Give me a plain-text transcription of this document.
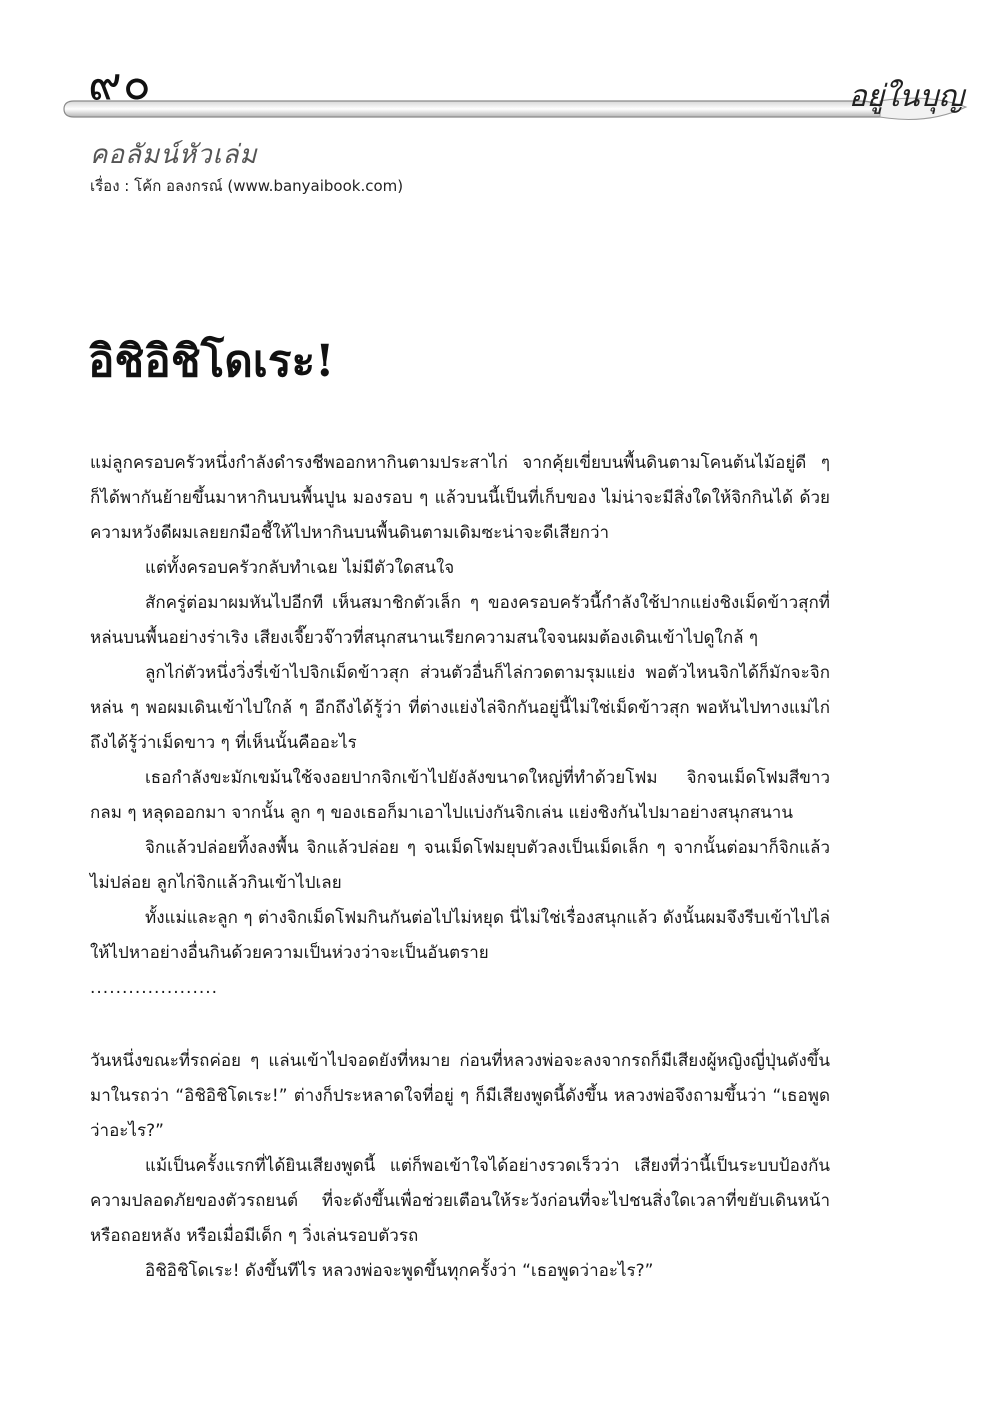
๙๐	อยู่ในบุญ
คอลัมน์หัวเล่ม
เรื่อง : โค้ก อลงกรณ์ (www.banyaibook.com)
อิชิอิชิโดเระ!

แม่ลูกครอบครัวหนึ่งกำลังดำรงชีพออกหากินตามประสาไก่ จากคุ้ยเขี่ยบนพื้นดินตามโคนต้นไม้อยู่ดี ๆ ก็ได้พากันย้ายขึ้นมาหากินบนพื้นปูน มองรอบ ๆ แล้วบนนี้เป็นที่เก็บของ ไม่น่าจะมีสิ่งใดให้จิกกินได้ ด้วยความหวังดีผมเลยยกมือชี้ให้ไปหากินบนพื้นดินตามเดิมซะน่าจะดีเสียกว่า

แต่ทั้งครอบครัวกลับทำเฉย ไม่มีตัวใดสนใจ

สักครู่ต่อมาผมหันไปอีกที เห็นสมาชิกตัวเล็ก ๆ ของครอบครัวนี้กำลังใช้ปากแย่งชิงเม็ดข้าวสุกที่หล่นบนพื้นอย่างร่าเริง เสียงเจี๊ยวจ๊าวที่สนุกสนานเรียกความสนใจจนผมต้องเดินเข้าไปดูใกล้ ๆ

ลูกไก่ตัวหนึ่งวิ่งรี่เข้าไปจิกเม็ดข้าวสุก ส่วนตัวอื่นก็ไล่กวดตามรุมแย่ง พอตัวไหนจิกได้ก็มักจะจิกหล่น ๆ พอผมเดินเข้าไปใกล้ ๆ อีกถึงได้รู้ว่า ที่ต่างแย่งไล่จิกกันอยู่นี้ไม่ใช่เม็ดข้าวสุก พอหันไปทางแม่ไก่ถึงได้รู้ว่าเม็ดขาว ๆ ที่เห็นนั้นคืออะไร

เธอกำลังขะมักเขม้นใช้จงอยปากจิกเข้าไปยังลังขนาดใหญ่ที่ทำด้วยโฟม จิกจนเม็ดโฟมสีขาวกลม ๆ หลุดออกมา จากนั้น ลูก ๆ ของเธอก็มาเอาไปแบ่งกันจิกเล่น แย่งชิงกันไปมาอย่างสนุกสนาน

จิกแล้วปล่อยทิ้งลงพื้น จิกแล้วปล่อย ๆ จนเม็ดโฟมยุบตัวลงเป็นเม็ดเล็ก ๆ จากนั้นต่อมาก็จิกแล้วไม่ปล่อย ลูกไก่จิกแล้วกินเข้าไปเลย

ทั้งแม่และลูก ๆ ต่างจิกเม็ดโฟมกินกันต่อไปไม่หยุด นี่ไม่ใช่เรื่องสนุกแล้ว ดังนั้นผมจึงรีบเข้าไปไล่ให้ไปหาอย่างอื่นกินด้วยความเป็นห่วงว่าจะเป็นอันตราย

....................

วันหนึ่งขณะที่รถค่อย ๆ แล่นเข้าไปจอดยังที่หมาย ก่อนที่หลวงพ่อจะลงจากรถก็มีเสียงผู้หญิงญี่ปุ่นดังขึ้นมาในรถว่า “อิชิอิชิโดเระ!” ต่างก็ประหลาดใจที่อยู่ ๆ ก็มีเสียงพูดนี้ดังขึ้น หลวงพ่อจึงถามขึ้นว่า “เธอพูดว่าอะไร?”

แม้เป็นครั้งแรกที่ได้ยินเสียงพูดนี้ แต่ก็พอเข้าใจได้อย่างรวดเร็วว่า เสียงที่ว่านี้เป็นระบบป้องกันความปลอดภัยของตัวรถยนต์ ที่จะดังขึ้นเพื่อช่วยเตือนให้ระวังก่อนที่จะไปชนสิ่งใดเวลาที่ขยับเดินหน้าหรือถอยหลัง หรือเมื่อมีเด็ก ๆ วิ่งเล่นรอบตัวรถ

อิชิอิชิโดเระ! ดังขึ้นทีไร หลวงพ่อจะพูดขึ้นทุกครั้งว่า “เธอพูดว่าอะไร?”
